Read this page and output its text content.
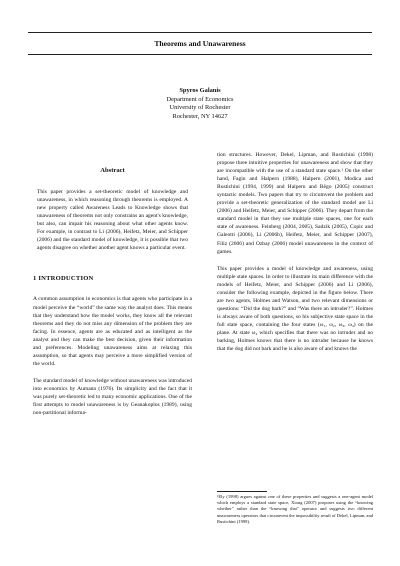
Theorems and Unawareness
Spyros Galanis
Department of Economics
University of Rochester
Rochester, NY 14627
Abstract

This paper provides a set-theoretic model of knowledge and unawareness, in which reasoning through theorems is employed. A new property called Awareness Leads to Knowledge shows that unawareness of theorems not only constrains an agent's knowledge, but also, can impair his reasoning about what other agents know. For example, in contrast to Li (2006), Heifetz, Meier, and Schipper (2006) and the standard model of knowledge, it is possible that two agents disagree on whether another agent knows a particular event.

1 INTRODUCTION

A common assumption in economics is that agents who participate in a model perceive the “world” the same way the analyst does. This means that they understand how the model works, they know all the relevant theorems and they do not miss any dimension of the problem they are facing. In essence, agents are as educated and as intelligent as the analyst and they can make the best decision, given their information and preferences. Modeling unawareness aims at relaxing this assumption, so that agents may perceive a more simplified version of the world.

The standard model of knowledge without unawareness was introduced into economics by Aumann (1976). Its simplicity and the fact that it was purely set-theoretic led to many economic applications. One of the first attempts to model unawareness is by Geanakoplos (1989), using non-partitional informa-

tion structures. However, Dekel, Lipman, and Rustichini (1998) propose three intuitive properties for unawareness and show that they are incompatible with the use of a standard state space.¹ On the other hand, Fagin and Halpern (1988), Halpern (2001), Modica and Rustichini (1994, 1999) and Halpern and Rêgo (2005) construct syntactic models. Two papers that try to circumvent the problem and provide a set-theoretic generalization of the standard model are Li (2006) and Heifetz, Meier, and Schipper (2006). They depart from the standard model in that they use multiple state spaces, one for each state of awareness. Feinberg (2004, 2005), Sadzik (2005), Copic and Galeotti (2006), Li (2006b), Heifetz, Meier, and Schipper (2007), Filiz (2006) and Ozbay (2006) model unawareness in the context of games.

This paper provides a model of knowledge and awareness, using multiple state spaces. In order to illustrate its main difference with the models of Heifetz, Meier, and Schipper (2006) and Li (2006), consider the following example, depicted in the figure below. There are two agents, Holmes and Watson, and two relevant dimensions or questions: “Did the dog bark?” and “Was there an intruder?”. Holmes is always aware of both questions, so his subjective state space in the full state space, containing the four states (ω₁, ω₂, ω₃, ω₄) on the plane. At state ω₄ which specifies that there was no intruder and no barking, Holmes knows that there is no intruder because he knows that the dog did not bark and he is also aware of and knows the

¹Ely (1998) argues against one of these properties and suggests a one-agent model which employs a standard state space, Xiong (2007) proposes using the “knowing whether” rather than the “knowing that” operator and suggests two different unawareness operators that circumvent the impossibility result of Dekel, Lipman, and Rustichini (1998).
